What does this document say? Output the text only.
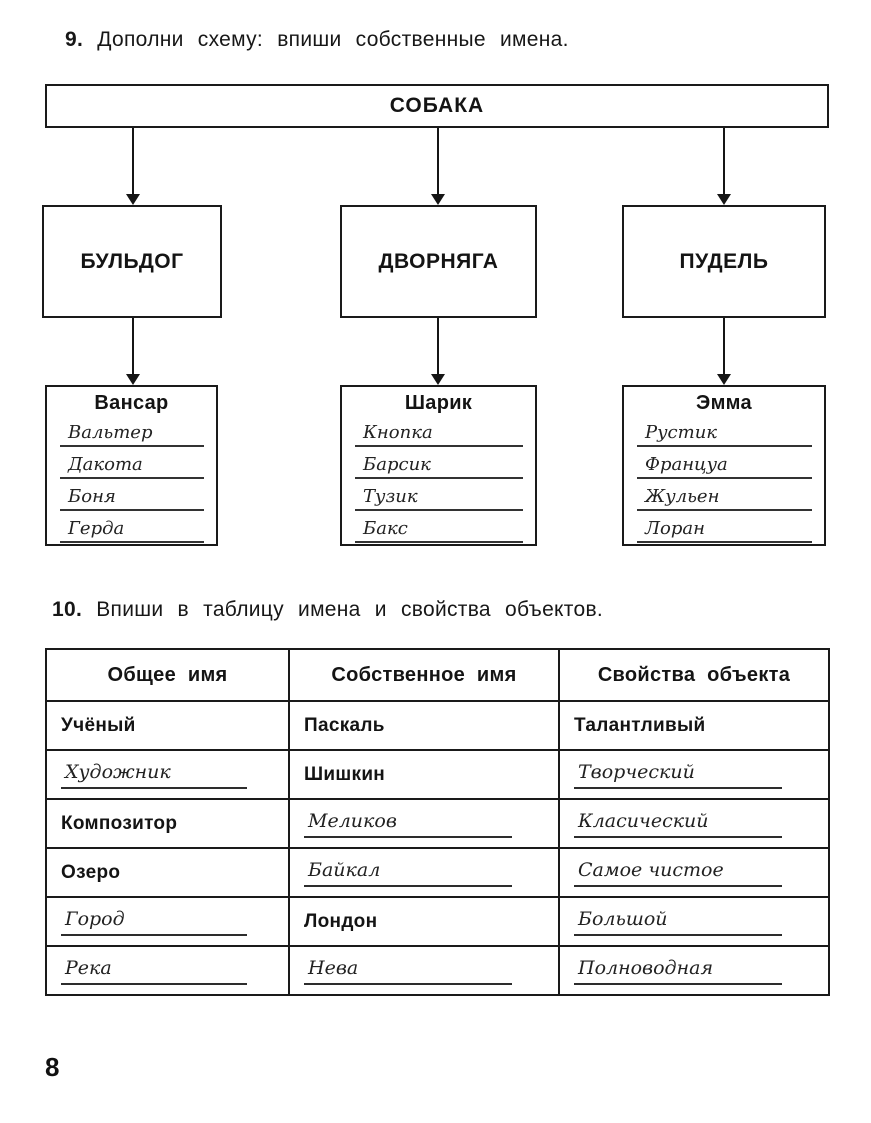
9. Дополни схему: впиши собственные имена.
СОБАКА
БУЛЬДОГ	ДВОРНЯГА	ПУДЕЛЬ
Вансар
Вальтер
Дакота
Боня
Герда
Шарик
Кнопка
Барсик
Тузик
Бакс
Эмма
Рустик
Француа
Жульен
Лоран
10. Впиши в таблицу имена и свойства объектов.
Общее имя	Собственное имя	Свойства объекта
Учёный	Паскаль	Талантливый
Художник	Шишкин	Творческий
Композитор	Меликов	Класический
Озеро	Байкал	Самое чистое
Город	Лондон	Большой
Река	Нева	Полноводная
8
